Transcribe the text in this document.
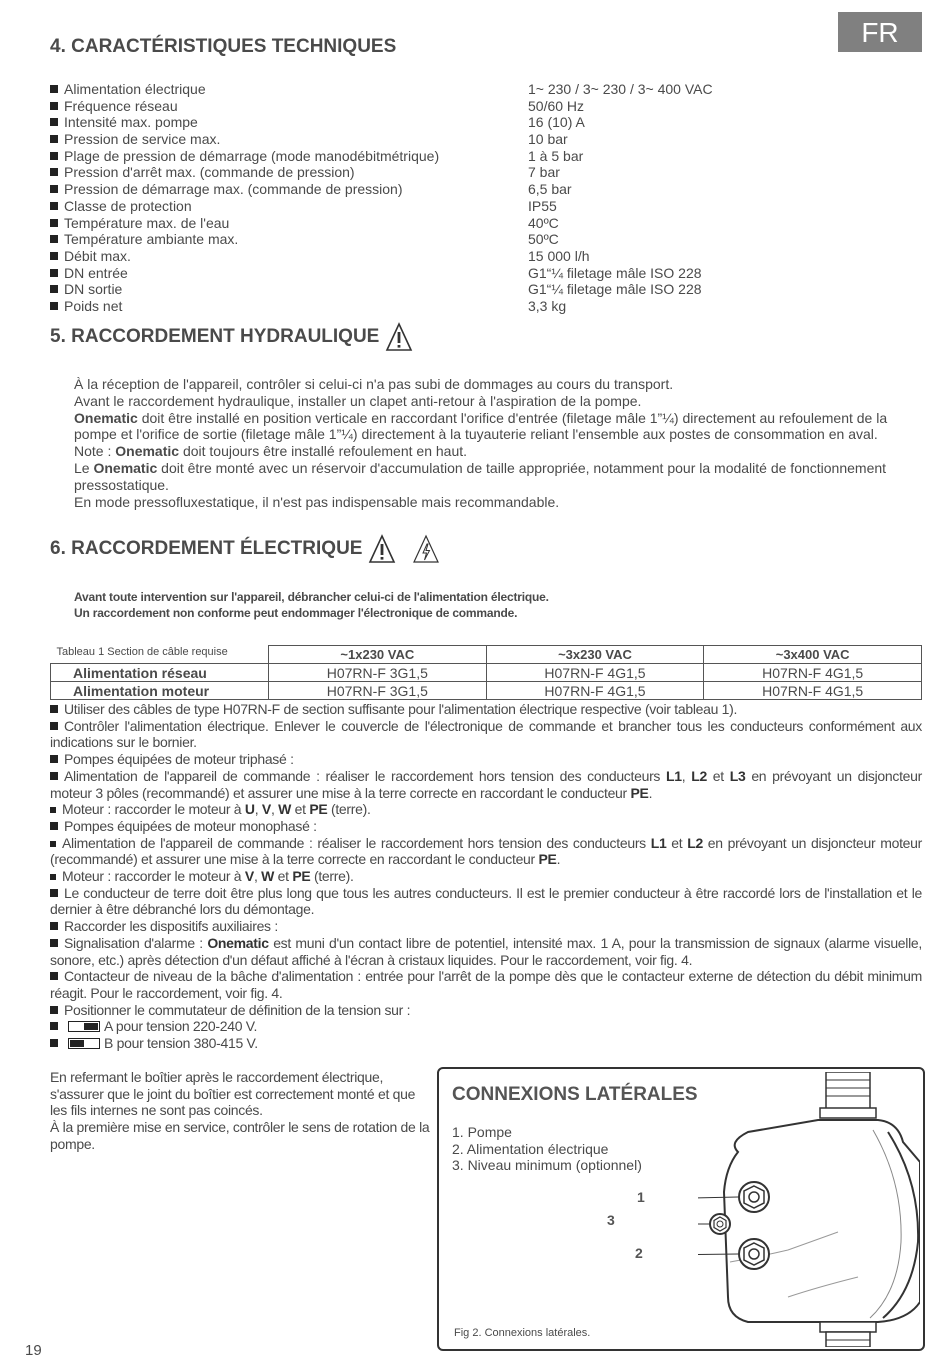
FR
4. CARACTÉRISTIQUES TECHNIQUES
Alimentation électrique	1~ 230 / 3~ 230 / 3~ 400 VAC
Fréquence réseau	50/60 Hz
Intensité max. pompe	16 (10) A
Pression de service max.	10 bar
Plage de pression de démarrage (mode manodébitmétrique)	1 à 5 bar
Pression d'arrêt max. (commande de pression)	7 bar
Pression de démarrage max. (commande de pression)	6,5 bar
Classe de protection	IP55
Température max. de l'eau	40ºC
Température ambiante max.	50ºC
Débit max.	15 000 l/h
DN entrée	G1“¼ filetage mâle ISO 228
DN sortie	G1“¼ filetage mâle ISO 228
Poids net	3,3 kg
5. RACCORDEMENT HYDRAULIQUE

À la réception de l'appareil, contrôler si celui-ci n'a pas subi de dommages au cours du transport.

Avant le raccordement hydraulique, installer un clapet anti-retour à l'aspiration de la pompe.

Onematic doit être installé en position verticale en raccordant l'orifice d'entrée (filetage mâle 1”¼) directement au refoulement de la pompe et l'orifice de sortie (filetage mâle 1”¼) directement à la tuyauterie reliant l'ensemble aux postes de consommation en aval.

Note : Onematic doit toujours être installé refoulement en haut.

Le Onematic doit être monté avec un réservoir d'accumulation de taille appropriée, notamment pour la modalité de fonctionnement pressostatique.

En mode pressofluxestatique, il n'est pas indispensable mais recommandable.

6. RACCORDEMENT ÉLECTRIQUE
Avant toute intervention sur l'appareil, débrancher celui-ci de l'alimentation électrique.
Un raccordement non conforme peut endommager l'électronique de commande.
Tableau 1 Section de câble requise	~1x230 VAC	~3x230 VAC	~3x400 VAC
Alimentation réseau	H07RN-F 3G1,5	H07RN-F 4G1,5	H07RN-F 4G1,5
Alimentation moteur	H07RN-F 3G1,5	H07RN-F 4G1,5	H07RN-F 4G1,5
Utiliser des câbles de type H07RN-F de section suffisante pour l'alimentation électrique respective (voir tableau 1).
Contrôler l'alimentation électrique. Enlever le couvercle de l'électronique de commande et brancher tous les conducteurs conformément aux indications sur le bornier.
Pompes équipées de moteur triphasé :
Alimentation de l'appareil de commande : réaliser le raccordement hors tension des conducteurs L1, L2 et L3 en prévoyant un disjoncteur moteur 3 pôles (recommandé) et assurer une mise à la terre correcte en raccordant le conducteur PE.
Moteur : raccorder le moteur à U, V, W et PE (terre).
Pompes équipées de moteur monophasé :
Alimentation de l'appareil de commande : réaliser le raccordement hors tension des conducteurs L1 et L2 en prévoyant un disjoncteur moteur (recommandé) et assurer une mise à la terre correcte en raccordant le conducteur PE.
Moteur : raccorder le moteur à V, W et PE (terre).
Le conducteur de terre doit être plus long que tous les autres conducteurs. Il est le premier conducteur à être raccordé lors de l'installation et le dernier à être débranché lors du démontage.
Raccorder les dispositifs auxiliaires :
Signalisation d'alarme : Onematic est muni d'un contact libre de potentiel, intensité max. 1 A, pour la transmission de signaux (alarme visuelle, sonore, etc.) après détection d'un défaut affiché à l'écran à cristaux liquides. Pour le raccordement, voir fig. 4.
Contacteur de niveau de la bâche d'alimentation : entrée pour l'arrêt de la pompe dès que le contacteur externe de détection du débit minimum réagit. Pour le raccordement, voir fig. 4.
Positionner le commutateur de définition de la tension sur :
A pour tension 220-240 V.
B pour tension 380-415 V.

En refermant le boîtier après le raccordement électrique, s'assurer que le joint du boîtier est correctement monté et que les fils internes ne sont pas coincés.

À la première mise en service, contrôler le sens de rotation de la pompe.

CONNEXIONS LATÉRALES
1. Pompe
2. Alimentation électrique
3. Niveau minimum (optionnel)
1
3
2
Fig 2. Connexions latérales.
19
